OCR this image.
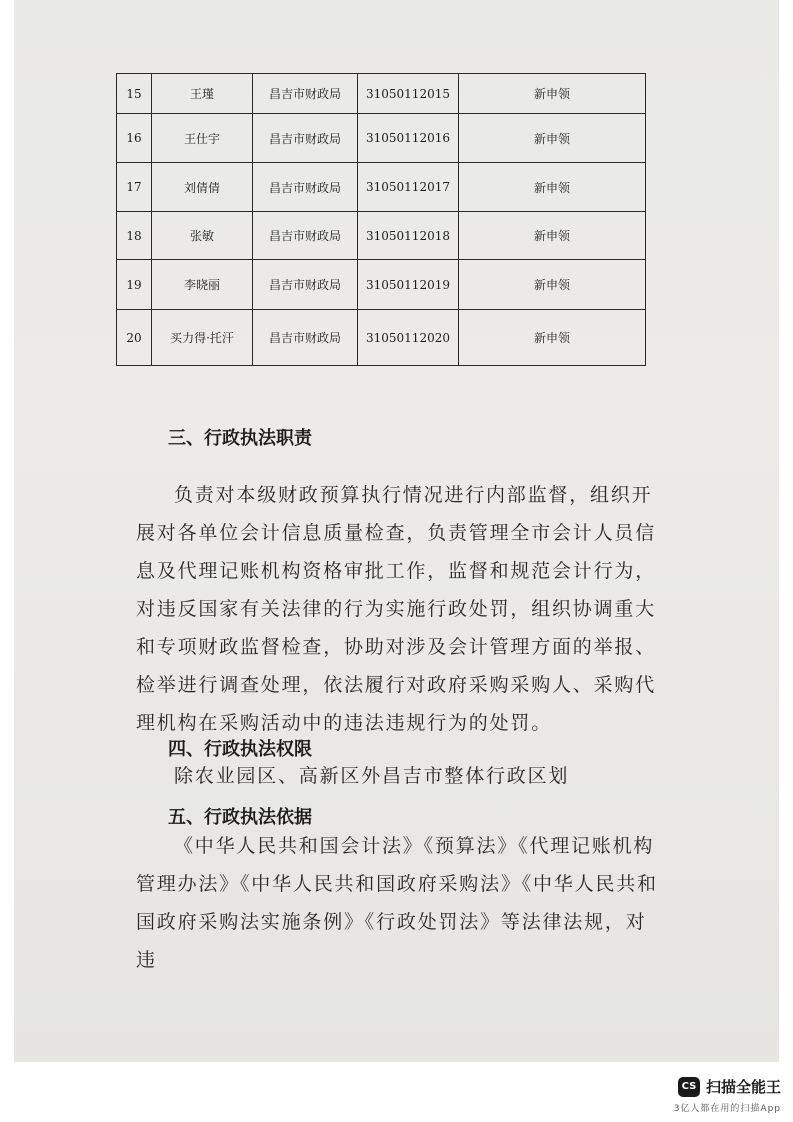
15	王瑾	昌吉市财政局	31050112015	新申领
16	王仕宇	昌吉市财政局	31050112016	新申领
17	刘倩倩	昌吉市财政局	31050112017	新申领
18	张敏	昌吉市财政局	31050112018	新申领
19	李晓丽	昌吉市财政局	31050112019	新申领
20	买力得·托汗	昌吉市财政局	31050112020	新申领
三、行政执法职责

负责对本级财政预算执行情况进行内部监督，组织开展对各单位会计信息质量检查，负责管理全市会计人员信息及代理记账机构资格审批工作，监督和规范会计行为，对违反国家有关法律的行为实施行政处罚，组织协调重大和专项财政监督检查，协助对涉及会计管理方面的举报、检举进行调查处理，依法履行对政府采购采购人、采购代理机构在采购活动中的违法违规行为的处罚。

四、行政执法权限

除农业园区、高新区外昌吉市整体行政区划

五、行政执法依据

《中华人民共和国会计法》《预算法》《代理记账机构管理办法》《中华人民共和国政府采购法》《中华人民共和国政府采购法实施条例》《行政处罚法》等法律法规，对违

CS 扫描全能王
3亿人都在用的扫描App
